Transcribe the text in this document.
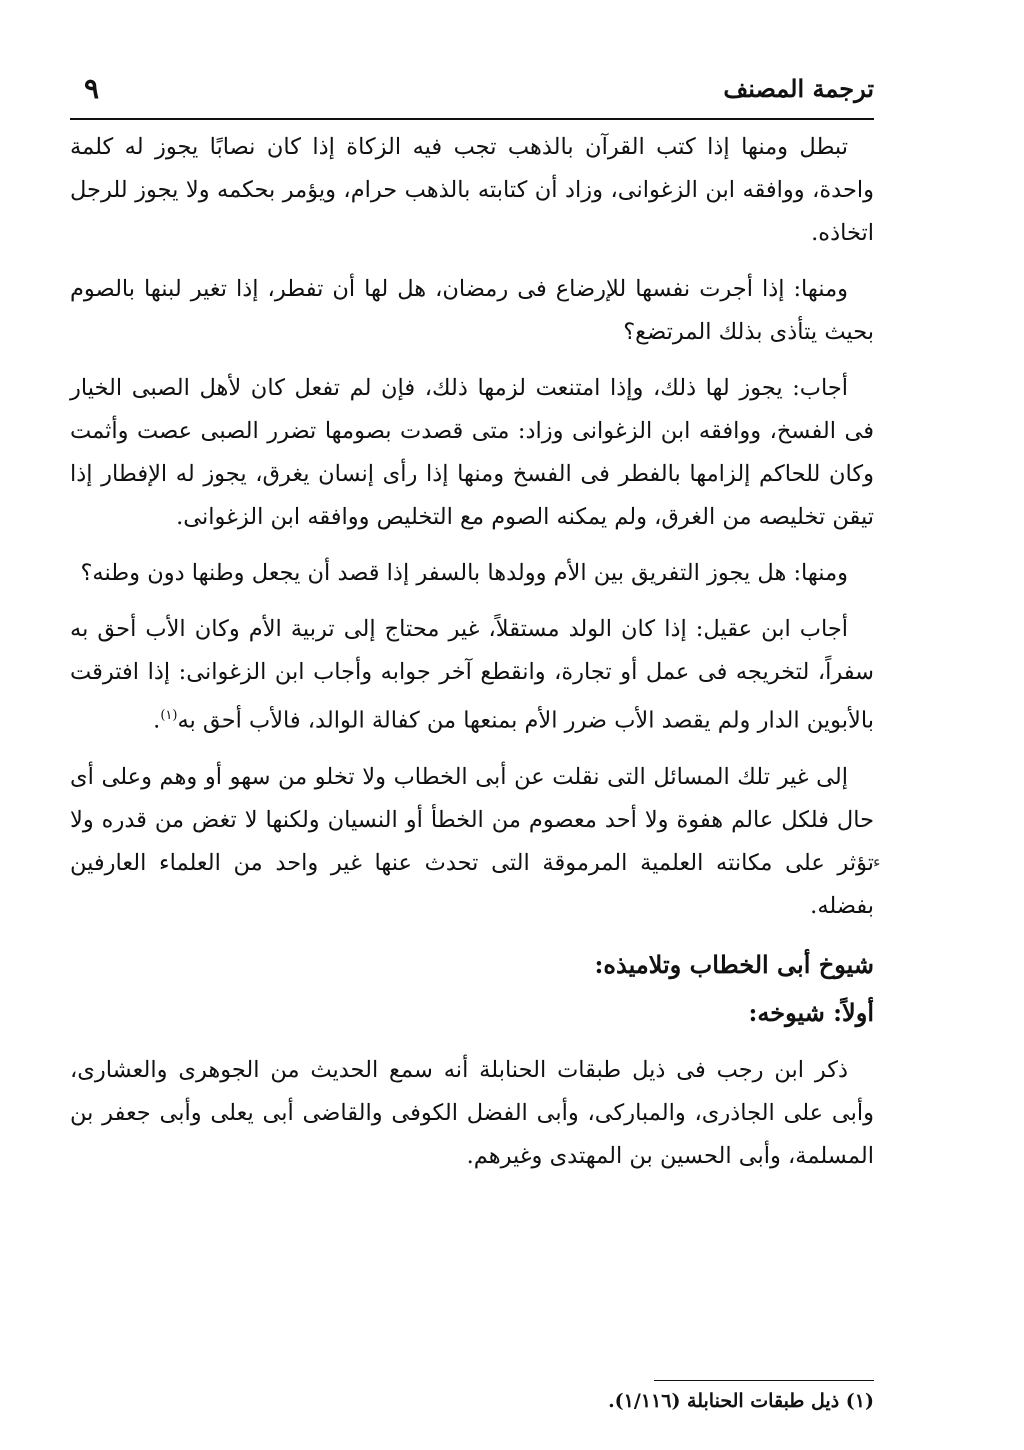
٩	ترجمة المصنف

تبطل ومنها إذا كتب القرآن بالذهب تجب فيه الزكاة إذا كان نصابًا يجوز له كلمة واحدة، ووافقه ابن الزغوانى، وزاد أن كتابته بالذهب حرام، ويؤمر بحكمه ولا يجوز للرجل اتخاذه.

ومنها: إذا أجرت نفسها للإرضاع فى رمضان، هل لها أن تفطر، إذا تغير لبنها بالصوم بحيث يتأذى بذلك المرتضع؟

أجاب: يجوز لها ذلك، وإذا امتنعت لزمها ذلك، فإن لم تفعل كان لأهل الصبى الخيار فى الفسخ، ووافقه ابن الزغوانى وزاد: متى قصدت بصومها تضرر الصبى عصت وأثمت وكان للحاكم إلزامها بالفطر فى الفسخ ومنها إذا رأى إنسان يغرق، يجوز له الإفطار إذا تيقن تخليصه من الغرق، ولم يمكنه الصوم مع التخليص ووافقه ابن الزغوانى.

ومنها: هل يجوز التفريق بين الأم وولدها بالسفر إذا قصد أن يجعل وطنها دون وطنه؟

أجاب ابن عقيل: إذا كان الولد مستقلاً، غير محتاج إلى تربية الأم وكان الأب أحق به سفراً، لتخريجه فى عمل أو تجارة، وانقطع آخر جوابه وأجاب ابن الزغوانى: إذا افترقت بالأبوين الدار ولم يقصد الأب ضرر الأم بمنعها من كفالة الوالد، فالأب أحق به$^{(١)}$.

إلى غير تلك المسائل التى نقلت عن أبى الخطاب ولا تخلو من سهو أو وهم وعلى أى حال فلكل عالم هفوة ولا أحد معصوم من الخطأ أو النسيان ولكنها لا تغض من قدره ولا تؤثر على مكانته العلمية المرموقة التى تحدث عنها غير واحد من العلماء العارفين بفضله.

شيوخ أبى الخطاب وتلاميذه:

أولاً: شيوخه:

ذكر ابن رجب فى ذيل طبقات الحنابلة أنه سمع الحديث من الجوهرى والعشارى، وأبى على الجاذرى، والمباركى، وأبى الفضل الكوفى والقاضى أبى يعلى وأبى جعفر بن المسلمة، وأبى الحسين بن المهتدى وغيرهم.

ء
(١) ذيل طبقات الحنابلة (١/١١٦).
